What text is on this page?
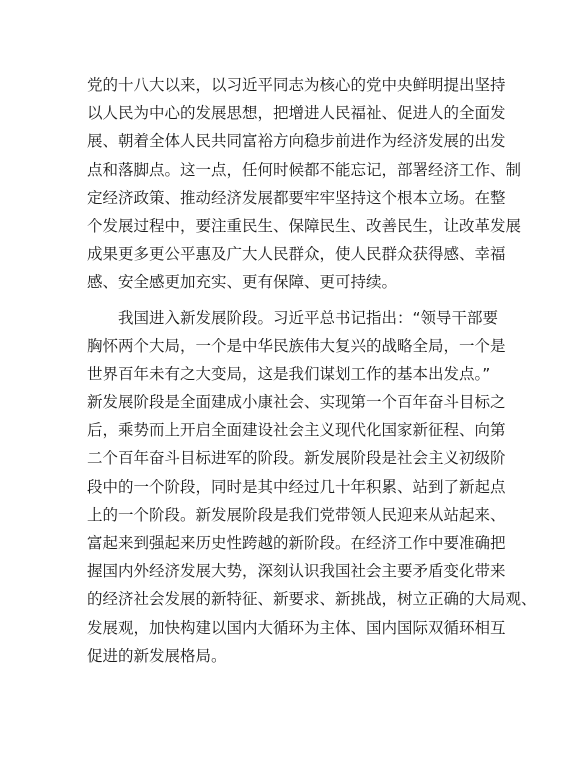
党的十八大以来，以习近平同志为核心的党中央鲜明提出坚持
以人民为中心的发展思想，把增进人民福祉、促进人的全面发
展、朝着全体人民共同富裕方向稳步前进作为经济发展的出发
点和落脚点。这一点，任何时候都不能忘记，部署经济工作、制
定经济政策、推动经济发展都要牢牢坚持这个根本立场。在整
个发展过程中，要注重民生、保障民生、改善民生，让改革发展
成果更多更公平惠及广大人民群众，使人民群众获得感、幸福
感、安全感更加充实、更有保障、更可持续。
我国进入新发展阶段。习近平总书记指出：“领导干部要
胸怀两个大局，一个是中华民族伟大复兴的战略全局，一个是
世界百年未有之大变局，这是我们谋划工作的基本出发点。”
新发展阶段是全面建成小康社会、实现第一个百年奋斗目标之
后，乘势而上开启全面建设社会主义现代化国家新征程、向第
二个百年奋斗目标进军的阶段。新发展阶段是社会主义初级阶
段中的一个阶段，同时是其中经过几十年积累、站到了新起点
上的一个阶段。新发展阶段是我们党带领人民迎来从站起来、
富起来到强起来历史性跨越的新阶段。在经济工作中要准确把
握国内外经济发展大势，深刻认识我国社会主要矛盾变化带来
的经济社会发展的新特征、新要求、新挑战，树立正确的大局观、
发展观，加快构建以国内大循环为主体、国内国际双循环相互
促进的新发展格局。
